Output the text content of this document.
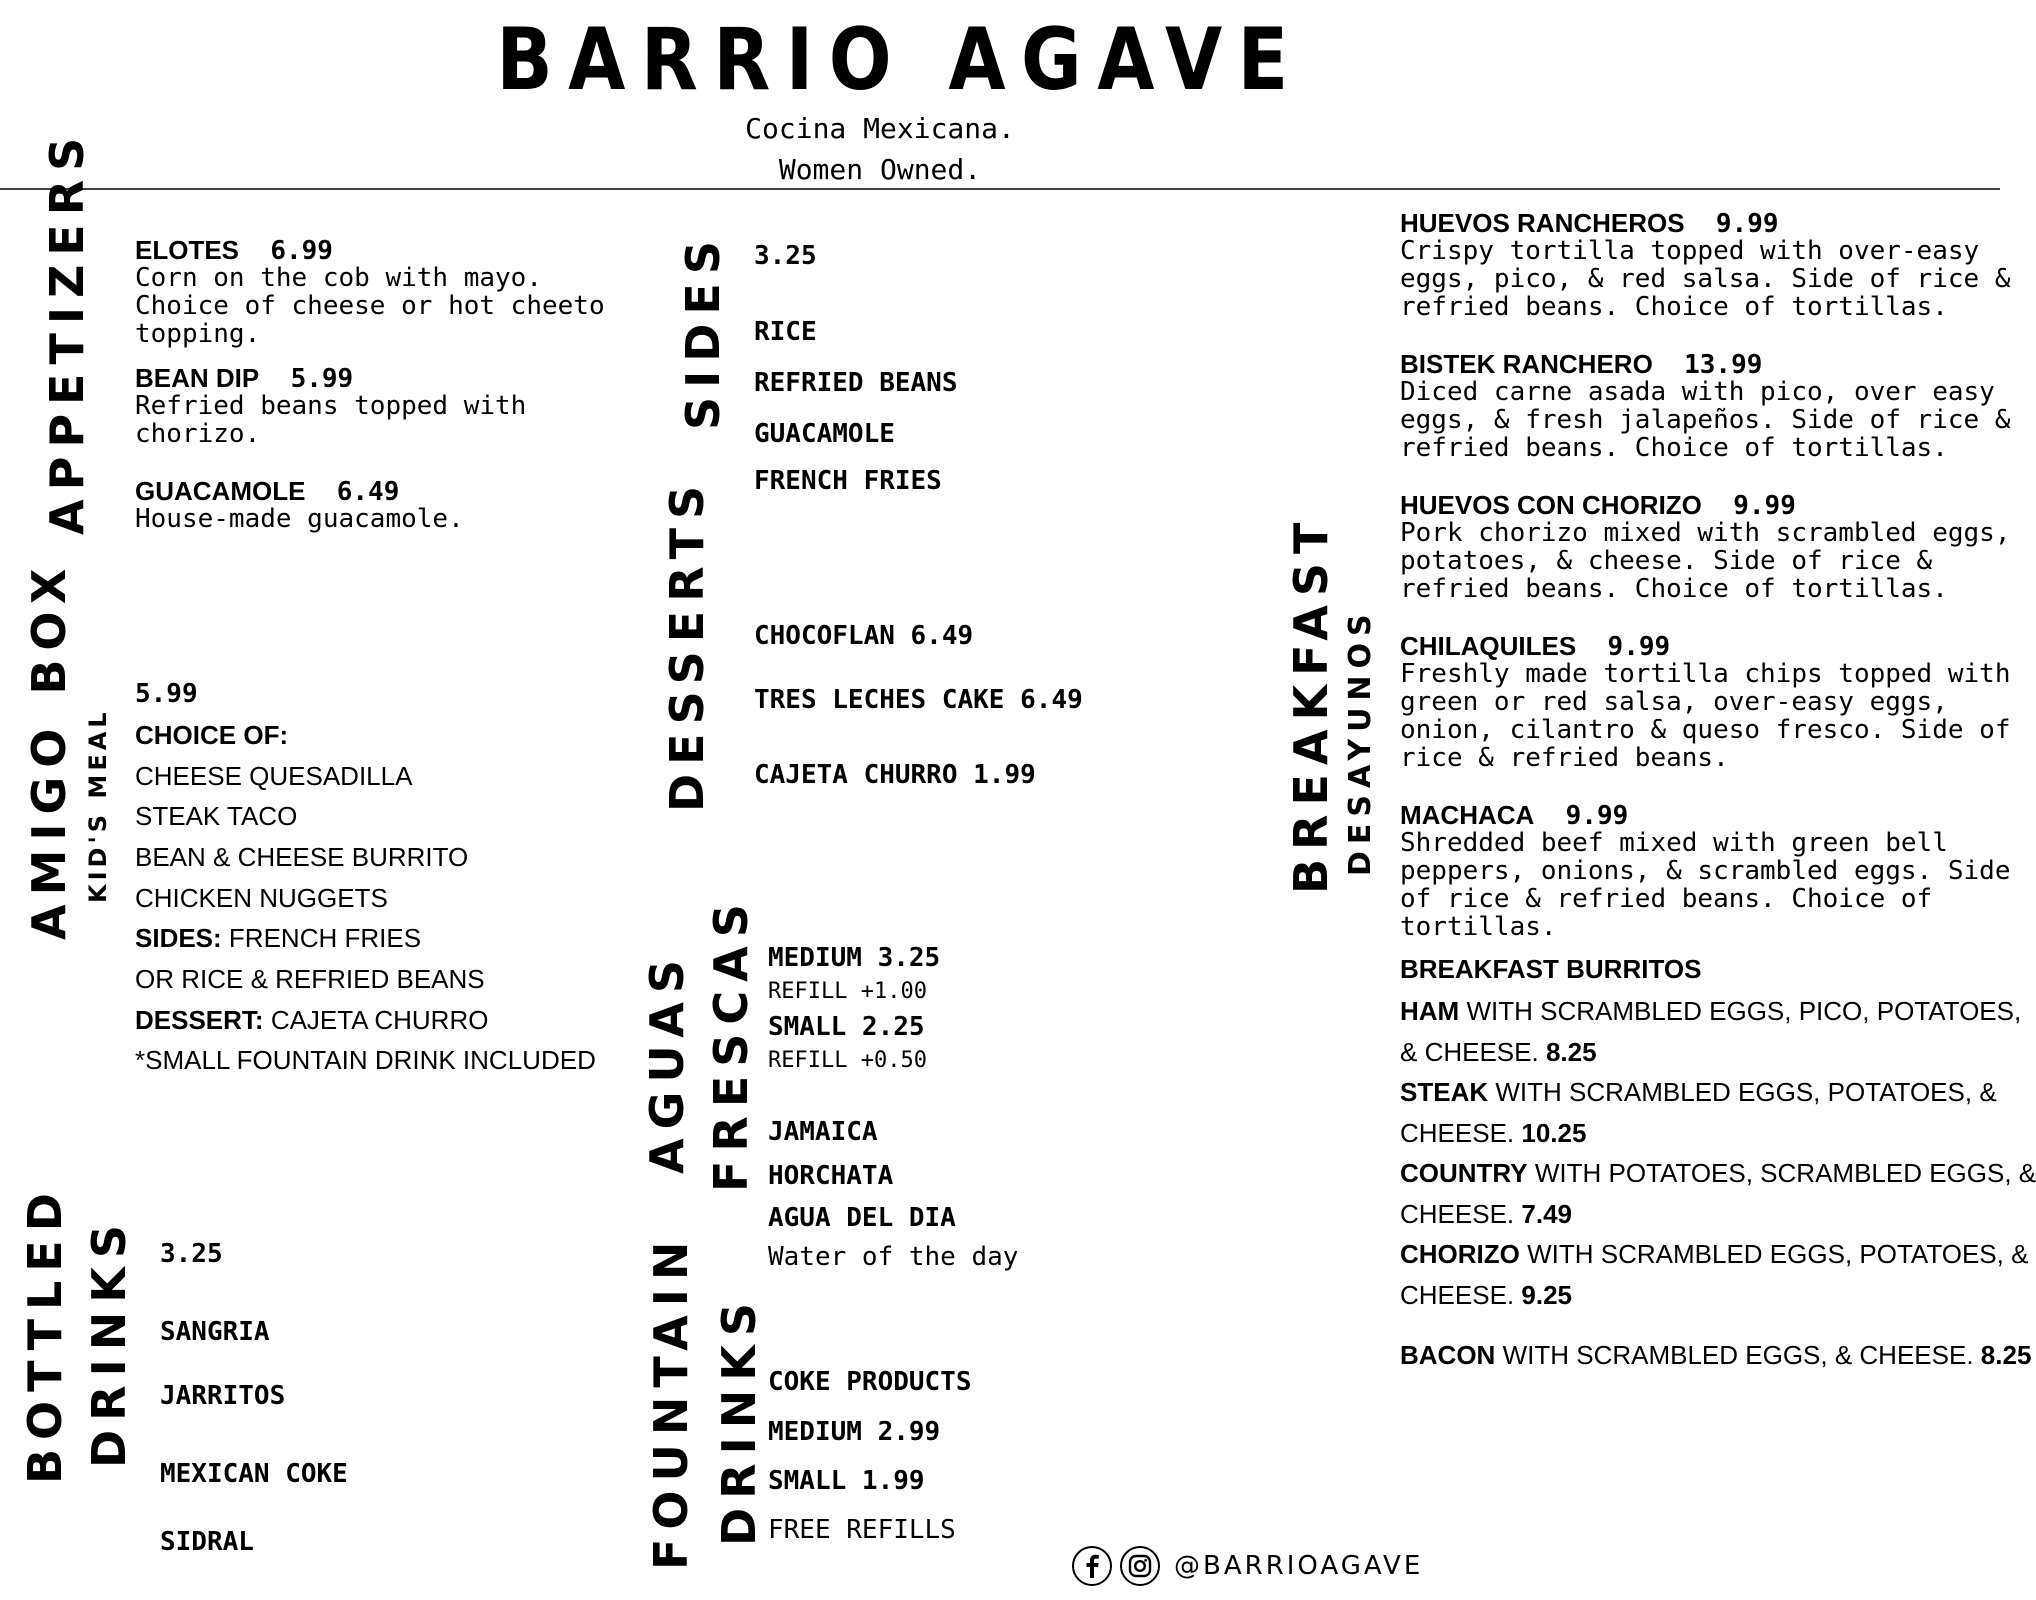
BARRIO AGAVE
Cocina Mexicana.
Women Owned.
APPETIZERS ELOTES 6.99
Corn on the cob with mayo.
Choice of cheese or hot cheeto
topping.
BEAN DIP 5.99
Refried beans topped with
chorizo.
GUACAMOLE 6.49
House-made guacamole.
AMIGO BOX KID'S MEAL
5.99
CHOICE OF:
CHEESE QUESADILLA
STEAK TACO
BEAN & CHEESE BURRITO
CHICKEN NUGGETS
SIDES: FRENCH FRIES
OR RICE & REFRIED BEANS
DESSERT: CAJETA CHURRO
*SMALL FOUNTAIN DRINK INCLUDED
BOTTLED DRINKS 3.25
SANGRIA
JARRITOS
MEXICAN COKE
SIDRAL
SIDES 3.25
RICE
REFRIED BEANS
GUACAMOLE
FRENCH FRIES
DESSERTS CHOCOFLAN 6.49
TRES LECHES CAKE 6.49
CAJETA CHURRO 1.99
AGUAS FRESCAS MEDIUM 3.25
REFILL +1.00
SMALL 2.25
REFILL +0.50
JAMAICA
HORCHATA
AGUA DEL DIA
Water of the day
FOUNTAIN DRINKS COKE PRODUCTS
MEDIUM 2.99
SMALL 1.99
FREE REFILLS
BREAKFAST DESAYUNOS
HUEVOS RANCHEROS 9.99
Crispy tortilla topped with over-easy
eggs, pico, & red salsa. Side of rice &
refried beans. Choice of tortillas.
BISTEK RANCHERO 13.99
Diced carne asada with pico, over easy
eggs, & fresh jalapeños. Side of rice &
refried beans. Choice of tortillas.
HUEVOS CON CHORIZO 9.99
Pork chorizo mixed with scrambled eggs,
potatoes, & cheese. Side of rice &
refried beans. Choice of tortillas.
CHILAQUILES 9.99
Freshly made tortilla chips topped with
green or red salsa, over-easy eggs,
onion, cilantro & queso fresco. Side of
rice & refried beans.
MACHACA 9.99
Shredded beef mixed with green bell
peppers, onions, & scrambled eggs. Side
of rice & refried beans. Choice of
tortillas.
BREAKFAST BURRITOS
HAM WITH SCRAMBLED EGGS, PICO, POTATOES,
& CHEESE. 8.25
STEAK WITH SCRAMBLED EGGS, POTATOES, &
CHEESE. 10.25
COUNTRY WITH POTATOES, SCRAMBLED EGGS, &
CHEESE. 7.49
CHORIZO WITH SCRAMBLED EGGS, POTATOES, &
CHEESE. 9.25
BACON WITH SCRAMBLED EGGS, & CHEESE. 8.25
@BARRIOAGAVE
